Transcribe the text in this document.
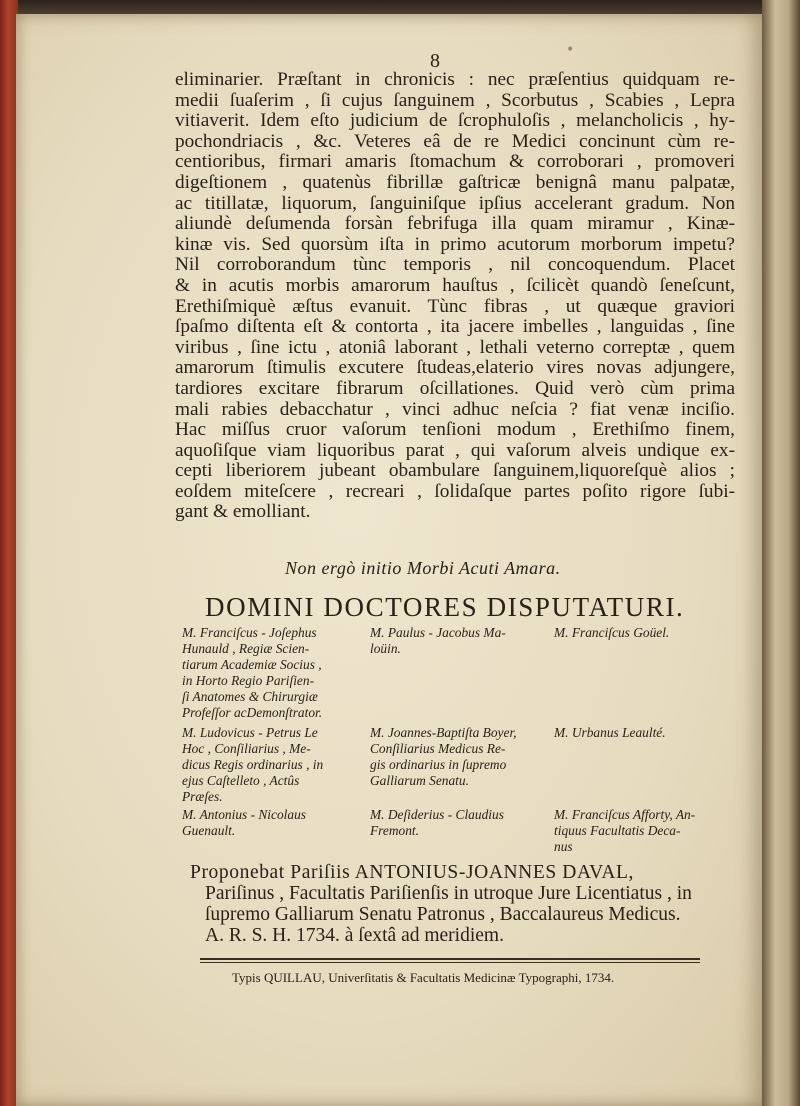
•
8
eliminarier. Præſtant in chronicis : nec præſentius quidquam re-
medii ſuaſerim , ſi cujus ſanguinem , Scorbutus , Scabies , Lepra
vitiaverit. Idem eſto judicium de ſcrophuloſis , melancholicis , hy-
pochondriacis , &c. Veteres eâ de re Medici concinunt cùm re-
centioribus, firmari amaris ſtomachum & corroborari , promoveri
digeſtionem , quatenùs fibrillæ gaſtricæ benignâ manu palpatæ,
ac titillatæ, liquorum, ſanguiniſque ipſius accelerant gradum. Non
aliundè deſumenda forsàn febrifuga illa quam miramur , Kinæ-
kinæ vis. Sed quorsùm iſta in primo acutorum morborum impetu?
Nil corroborandum tùnc temporis , nil concoquendum. Placet
& in acutis morbis amarorum hauſtus , ſcilicèt quandò ſeneſcunt,
Erethiſmiquè æſtus evanuit. Tùnc fibras , ut quæque graviori
ſpaſmo diſtenta eſt & contorta , ita jacere imbelles , languidas , ſine
viribus , ſine ictu , atoniâ laborant , lethali veterno correptæ , quem
amarorum ſtimulis excutere ſtudeas,elaterio vires novas adjungere,
tardiores excitare fibrarum oſcillationes. Quid verò cùm prima
mali rabies debacchatur , vinci adhuc neſcia ? fiat venæ inciſio.
Hac miſſus cruor vaſorum tenſioni modum , Erethiſmo finem,
aquoſiſque viam liquoribus parat , qui vaſorum alveis undique ex-
cepti liberiorem jubeant obambulare ſanguinem,liquoreſquè alios ;
eoſdem miteſcere , recreari , ſolidaſque partes poſito rigore ſubi-
gant & emolliant.
Non ergò initio Morbi Acuti Amara.
DOMINI DOCTORES DISPUTATURI.
M. Franciſcus - Joſephus
Hunauld , Regiæ Scien-
tiarum Academiæ Socius ,
in Horto Regio Pariſien-
ſi Anatomes & Chirurgiæ
Profeſſor acDemonſtrator.
M. Paulus - Jacobus Ma-
loüin.
M. Franciſcus Goüel.
M. Ludovicus - Petrus Le
Hoc , Conſiliarius , Me-
dicus Regis ordinarius , in
ejus Caſtelleto , Actûs
Præſes.
M. Joannes-Baptiſta Boyer,
Conſiliarius Medicus Re-
gis ordinarius in ſupremo
Galliarum Senatu.
M. Urbanus Leaulté.
M. Antonius - Nicolaus
Guenault.
M. Deſiderius - Claudius
Fremont.
M. Franciſcus Afforty, An-
tiquus Facultatis Deca-
nus
Proponebat Pariſiis ANTONIUS-JOANNES DAVAL,
Pariſinus , Facultatis Pariſienſis in utroque Jure Licentiatus , in
ſupremo Galliarum Senatu Patronus , Baccalaureus Medicus.
A. R. S. H. 1734. à ſextâ ad meridiem.
Typis QUILLAU, Univerſitatis & Facultatis Medicinæ Typographi, 1734.
